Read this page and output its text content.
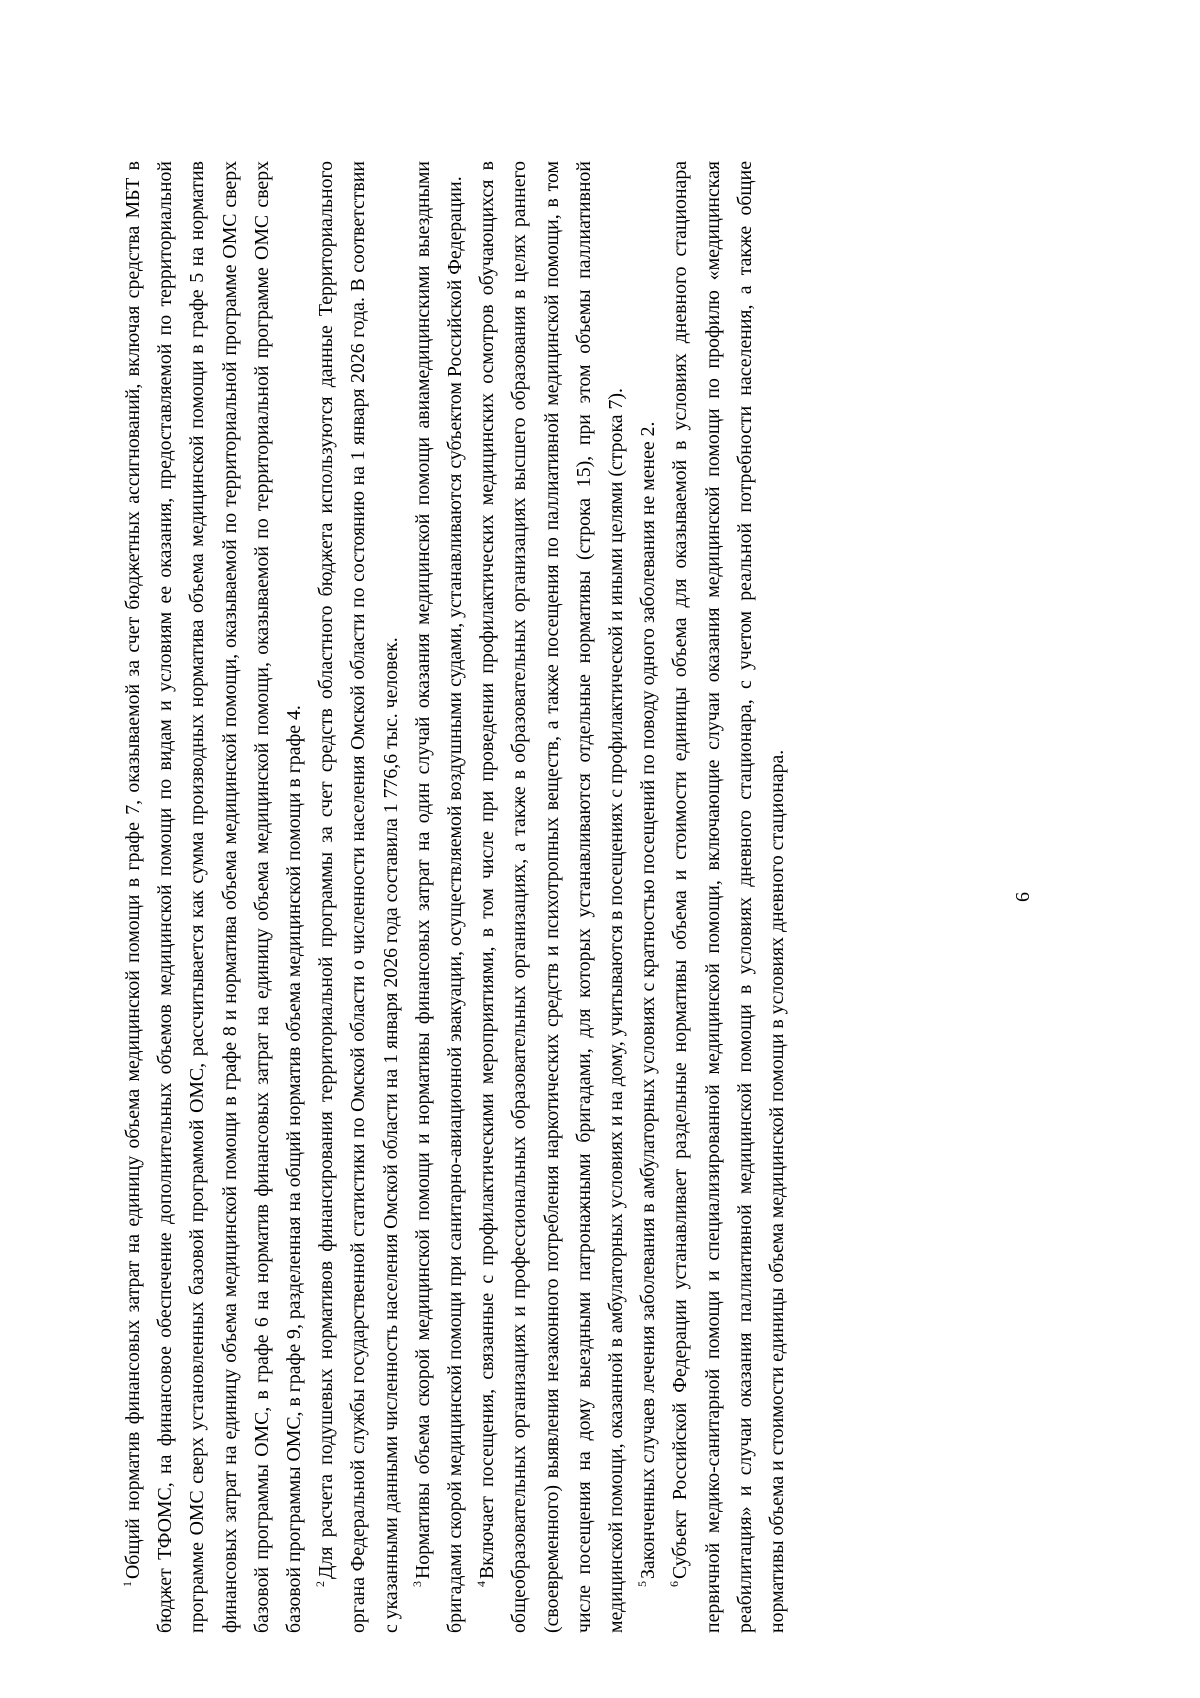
6

$^1$Общий норматив финансовых затрат на единицу объема медицинской помощи в графе 7, оказываемой за счет бюджетных ассигнований, включая средства МБТ в бюджет ТФОМС, на финансовое обеспечение дополнительных объемов медицинской помощи по видам и условиям ее оказания, предоставляемой по территориальной программе ОМС сверх установленных базовой программой ОМС, рассчитывается как сумма производных норматива объема медицинской помощи в графе 5 на норматив финансовых затрат на единицу объема медицинской помощи в графе 8 и норматива объема медицинской помощи, оказываемой по территориальной программе ОМС сверх базовой программы ОМС, в графе 6 на норматив финансовых затрат на единицу объема медицинской помощи, оказываемой по территориальной программе ОМС сверх базовой программы ОМС, в графе 9, разделенная на общий норматив объема медицинской помощи в графе 4. $^2$Для расчета подушевых нормативов финансирования территориальной программы за счет средств областного бюджета используются данные Территориального органа Федеральной службы государственной статистики по Омской области о численности населения Омской области по состоянию на 1 января 2026 года. В соответствии с указанными данными численность населения Омской области на 1 января 2026 года составила 1 776,6 тыс. человек. $^3$Нормативы объема скорой медицинской помощи и нормативы финансовых затрат на один случай оказания медицинской помощи авиамедицинскими выездными бригадами скорой медицинской помощи при санитарно-авиационной эвакуации, осуществляемой воздушными судами, устанавливаются субъектом Российской Федерации. $^4$Включает посещения, связанные с профилактическими мероприятиями, в том числе при проведении профилактических медицинских осмотров обучающихся в общеобразовательных организациях и профессиональных образовательных организациях, а также в образовательных организациях высшего образования в целях раннего (своевременного) выявления незаконного потребления наркотических средств и психотропных веществ, а также посещения по паллиативной медицинской помощи, в том числе посещения на дому выездными патронажными бригадами, для которых устанавливаются отдельные нормативы (строка 15), при этом объемы паллиативной медицинской помощи, оказанной в амбулаторных условиях и на дому, учитываются в посещениях с профилактической и иными целями (строка 7). $^5$Законченных случаев лечения заболевания в амбулаторных условиях с кратностью посещений по поводу одного заболевания не менее 2.

$^6$Субъект Российской Федерации устанавливает раздельные нормативы объема и стоимости единицы объема для оказываемой в условиях дневного стационара первичной медико-санитарной помощи и специализированной медицинской помощи, включающие случаи оказания медицинской помощи по профилю «медицинская реабилитация» и случаи оказания паллиативной медицинской помощи в условиях дневного стационара, с учетом реальной потребности населения, а также общие нормативы объема и стоимости единицы объема медицинской помощи в условиях дневного стационара.
